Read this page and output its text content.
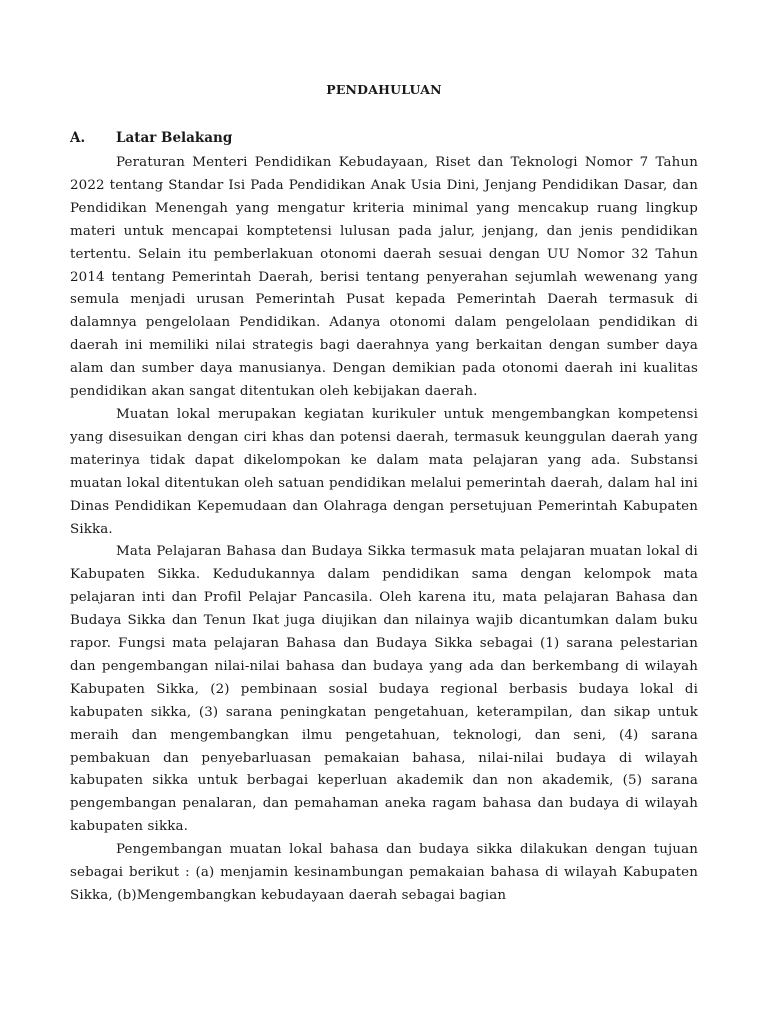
PENDAHULUAN
A. Latar Belakang

Peraturan Menteri Pendidikan Kebudayaan, Riset dan Teknologi Nomor 7 Tahun 2022 tentang Standar Isi Pada Pendidikan Anak Usia Dini, Jenjang Pendidikan Dasar, dan Pendidikan Menengah yang mengatur kriteria minimal yang mencakup ruang lingkup materi untuk mencapai komptetensi lulusan pada jalur, jenjang, dan jenis pendidikan tertentu. Selain itu pemberlakuan otonomi daerah sesuai dengan UU Nomor 32 Tahun 2014 tentang Pemerintah Daerah, berisi tentang penyerahan sejumlah wewenang yang semula menjadi urusan Pemerintah Pusat kepada Pemerintah Daerah termasuk di dalamnya pengelolaan Pendidikan. Adanya otonomi dalam pengelolaan pendidikan di daerah ini memiliki nilai strategis bagi daerahnya yang berkaitan dengan sumber daya alam dan sumber daya manusianya. Dengan demikian pada otonomi daerah ini kualitas pendidikan akan sangat ditentukan oleh kebijakan daerah.

Muatan lokal merupakan kegiatan kurikuler untuk mengembangkan kompetensi yang disesuikan dengan ciri khas dan potensi daerah, termasuk keunggulan daerah yang materinya tidak dapat dikelompokan ke dalam mata pelajaran yang ada. Substansi muatan lokal ditentukan oleh satuan pendidikan melalui pemerintah daerah, dalam hal ini Dinas Pendidikan Kepemudaan dan Olahraga dengan persetujuan Pemerintah Kabupaten Sikka.

Mata Pelajaran Bahasa dan Budaya Sikka termasuk mata pelajaran muatan lokal di Kabupaten Sikka. Kedudukannya dalam pendidikan sama dengan kelompok mata pelajaran inti dan Profil Pelajar Pancasila. Oleh karena itu, mata pelajaran Bahasa dan Budaya Sikka dan Tenun Ikat juga diujikan dan nilainya wajib dicantumkan dalam buku rapor. Fungsi mata pelajaran Bahasa dan Budaya Sikka sebagai (1) sarana pelestarian dan pengembangan nilai-nilai bahasa dan budaya yang ada dan berkembang di wilayah Kabupaten Sikka, (2) pembinaan sosial budaya regional berbasis budaya lokal di kabupaten sikka, (3) sarana peningkatan pengetahuan, keterampilan, dan sikap untuk meraih dan mengembangkan ilmu pengetahuan, teknologi, dan seni, (4) sarana pembakuan dan penyebarluasan pemakaian bahasa, nilai-nilai budaya di wilayah kabupaten sikka untuk berbagai keperluan akademik dan non akademik, (5) sarana pengembangan penalaran, dan pemahaman aneka ragam bahasa dan budaya di wilayah kabupaten sikka.

Pengembangan muatan lokal bahasa dan budaya sikka dilakukan dengan tujuan sebagai berikut : (a) menjamin kesinambungan pemakaian bahasa di wilayah Kabupaten Sikka, (b)Mengembangkan kebudayaan daerah sebagai bagian
